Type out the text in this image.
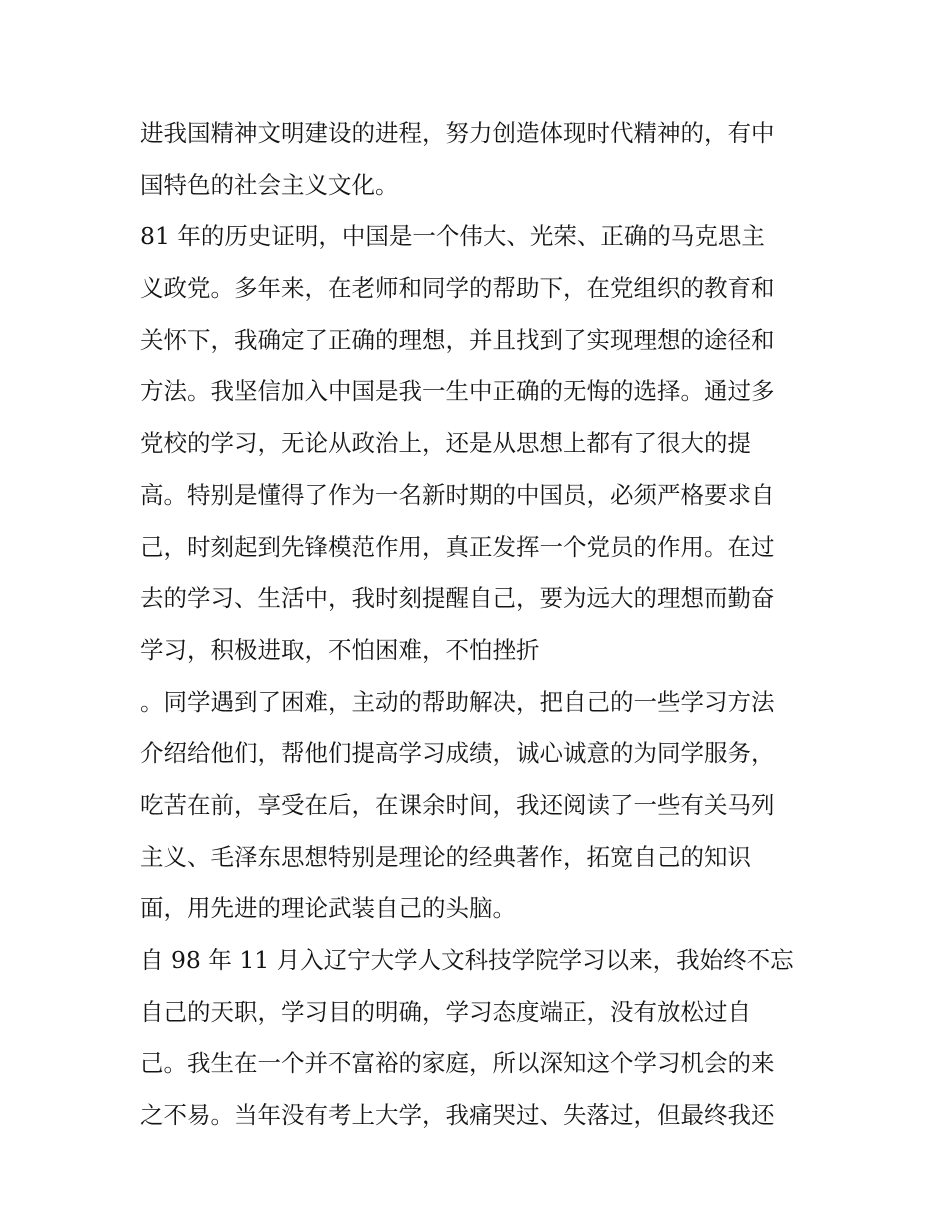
进我国精神文明建设的进程，努力创造体现时代精神的，有中
国特色的社会主义文化。
81 年的历史证明，中国是一个伟大、光荣、正确的马克思主
义政党。多年来，在老师和同学的帮助下，在党组织的教育和
关怀下，我确定了正确的理想，并且找到了实现理想的途径和
方法。我坚信加入中国是我一生中正确的无悔的选择。通过多
党校的学习，无论从政治上，还是从思想上都有了很大的提
高。特别是懂得了作为一名新时期的中国员，必须严格要求自
己，时刻起到先锋模范作用，真正发挥一个党员的作用。在过
去的学习、生活中，我时刻提醒自己，要为远大的理想而勤奋
学习，积极进取，不怕困难，不怕挫折
。同学遇到了困难，主动的帮助解决，把自己的一些学习方法
介绍给他们，帮他们提高学习成绩，诚心诚意的为同学服务，
吃苦在前，享受在后，在课余时间，我还阅读了一些有关马列
主义、毛泽东思想特别是理论的经典著作，拓宽自己的知识
面，用先进的理论武装自己的头脑。
自 98 年 11 月入辽宁大学人文科技学院学习以来，我始终不忘
自己的天职，学习目的明确，学习态度端正，没有放松过自
己。我生在一个并不富裕的家庭，所以深知这个学习机会的来
之不易。当年没有考上大学，我痛哭过、失落过，但最终我还
